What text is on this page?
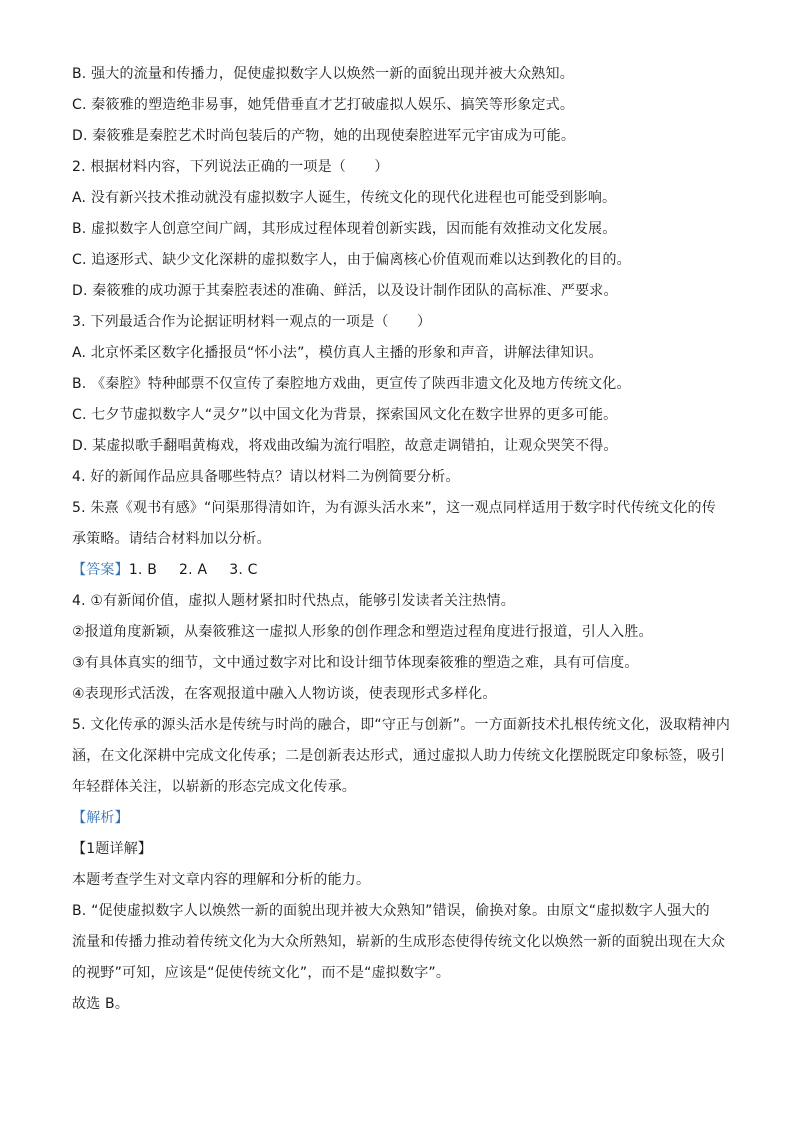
B. 强大的流量和传播力，促使虚拟数字人以焕然一新的面貌出现并被大众熟知。
C. 秦筱雅的塑造绝非易事，她凭借垂直才艺打破虚拟人娱乐、搞笑等形象定式。
D. 秦筱雅是秦腔艺术时尚包装后的产物，她的出现使秦腔进军元宇宙成为可能。
2. 根据材料内容，下列说法正确的一项是（　　）
A. 没有新兴技术推动就没有虚拟数字人诞生，传统文化的现代化进程也可能受到影响。
B. 虚拟数字人创意空间广阔，其形成过程体现着创新实践，因而能有效推动文化发展。
C. 追逐形式、缺少文化深耕的虚拟数字人，由于偏离核心价值观而难以达到教化的目的。
D. 秦筱雅的成功源于其秦腔表述的准确、鲜活，以及设计制作团队的高标准、严要求。
3. 下列最适合作为论据证明材料一观点的一项是（　　）
A. 北京怀柔区数字化播报员“怀小法”，模仿真人主播的形象和声音，讲解法律知识。
B. 《秦腔》特种邮票不仅宣传了秦腔地方戏曲，更宣传了陕西非遗文化及地方传统文化。
C. 七夕节虚拟数字人“灵夕”以中国文化为背景，探索国风文化在数字世界的更多可能。
D. 某虚拟歌手翻唱黄梅戏，将戏曲改编为流行唱腔，故意走调错拍，让观众哭笑不得。
4. 好的新闻作品应具备哪些特点？请以材料二为例简要分析。
5. 朱熹《观书有感》“问渠那得清如许，为有源头活水来”，这一观点同样适用于数字时代传统文化的传
承策略。请结合材料加以分析。
【答案】1. B 2. A 3. C
4. ①有新闻价值，虚拟人题材紧扣时代热点，能够引发读者关注热情。
②报道角度新颖，从秦筱雅这一虚拟人形象的创作理念和塑造过程角度进行报道，引人入胜。
③有具体真实的细节，文中通过数字对比和设计细节体现秦筱雅的塑造之难，具有可信度。
④表现形式活泼，在客观报道中融入人物访谈，使表现形式多样化。
5. 文化传承的源头活水是传统与时尚的融合，即“守正与创新”。一方面新技术扎根传统文化，汲取精神内
涵，在文化深耕中完成文化传承；二是创新表达形式，通过虚拟人助力传统文化摆脱既定印象标签，吸引
年轻群体关注，以崭新的形态完成文化传承。
【解析】
【1题详解】
本题考查学生对文章内容的理解和分析的能力。
B. “促使虚拟数字人以焕然一新的面貌出现并被大众熟知”错误，偷换对象。由原文“虚拟数字人强大的
流量和传播力推动着传统文化为大众所熟知，崭新的生成形态使得传统文化以焕然一新的面貌出现在大众
的视野”可知，应该是“促使传统文化”，而不是“虚拟数字”。
故选 B。
